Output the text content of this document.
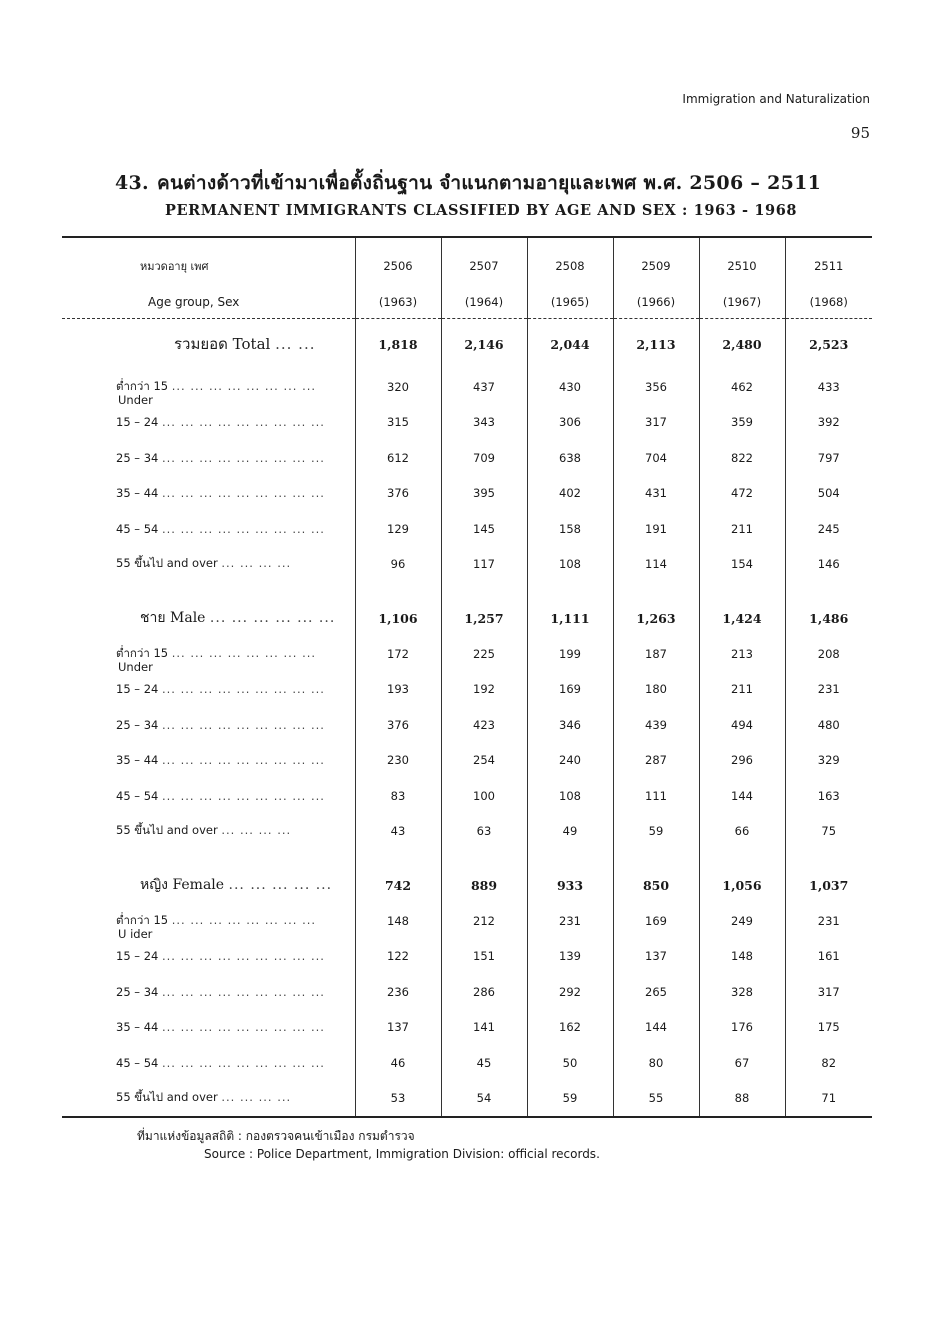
Immigration and Naturalization
95
43. คนต่างด้าวที่เข้ามาเพื่อตั้งถิ่นฐาน จำแนกตามอายุและเพศ พ.ศ. 2506 – 2511
PERMANENT IMMIGRANTS CLASSIFIED BY AGE AND SEX : 1963 - 1968
หมวดอายุ เพศ	2506	2507	2508	2509	2510	2511
Age group, Sex	(1963)	(1964)	(1965)	(1966)	(1967)	(1968)
รวมยอด Total ... ...	1,818	2,146	2,044	2,113	2,480	2,523
ต่ำกว่า 15 ... ... ... ... ... ... ... ...
Under	320	437	430	356	462	433
15 – 24 ... ... ... ... ... ... ... ... ...	315	343	306	317	359	392
25 – 34 ... ... ... ... ... ... ... ... ...	612	709	638	704	822	797
35 – 44 ... ... ... ... ... ... ... ... ...	376	395	402	431	472	504
45 – 54 ... ... ... ... ... ... ... ... ...	129	145	158	191	211	245
55 ขึ้นไป and over ... ... ... ...	96	117	108	114	154	146

ชาย Male ... ... ... ... ... ...	1,106	1,257	1,111	1,263	1,424	1,486
ต่ำกว่า 15 ... ... ... ... ... ... ... ...
Under	172	225	199	187	213	208
15 – 24 ... ... ... ... ... ... ... ... ...	193	192	169	180	211	231
25 – 34 ... ... ... ... ... ... ... ... ...	376	423	346	439	494	480
35 – 44 ... ... ... ... ... ... ... ... ...	230	254	240	287	296	329
45 – 54 ... ... ... ... ... ... ... ... ...	83	100	108	111	144	163
55 ขึ้นไป and over ... ... ... ...	43	63	49	59	66	75

หญิง Female ... ... ... ... ...	742	889	933	850	1,056	1,037
ต่ำกว่า 15 ... ... ... ... ... ... ... ...
U ider	148	212	231	169	249	231
15 – 24 ... ... ... ... ... ... ... ... ...	122	151	139	137	148	161
25 – 34 ... ... ... ... ... ... ... ... ...	236	286	292	265	328	317
35 – 44 ... ... ... ... ... ... ... ... ...	137	141	162	144	176	175
45 – 54 ... ... ... ... ... ... ... ... ...	46	45	50	80	67	82
55 ขึ้นไป and over ... ... ... ...	53	54	59	55	88	71
ที่มาแห่งข้อมูลสถิติ : กองตรวจคนเข้าเมือง กรมตำรวจ
Source : Police Department, Immigration Division: official records.
